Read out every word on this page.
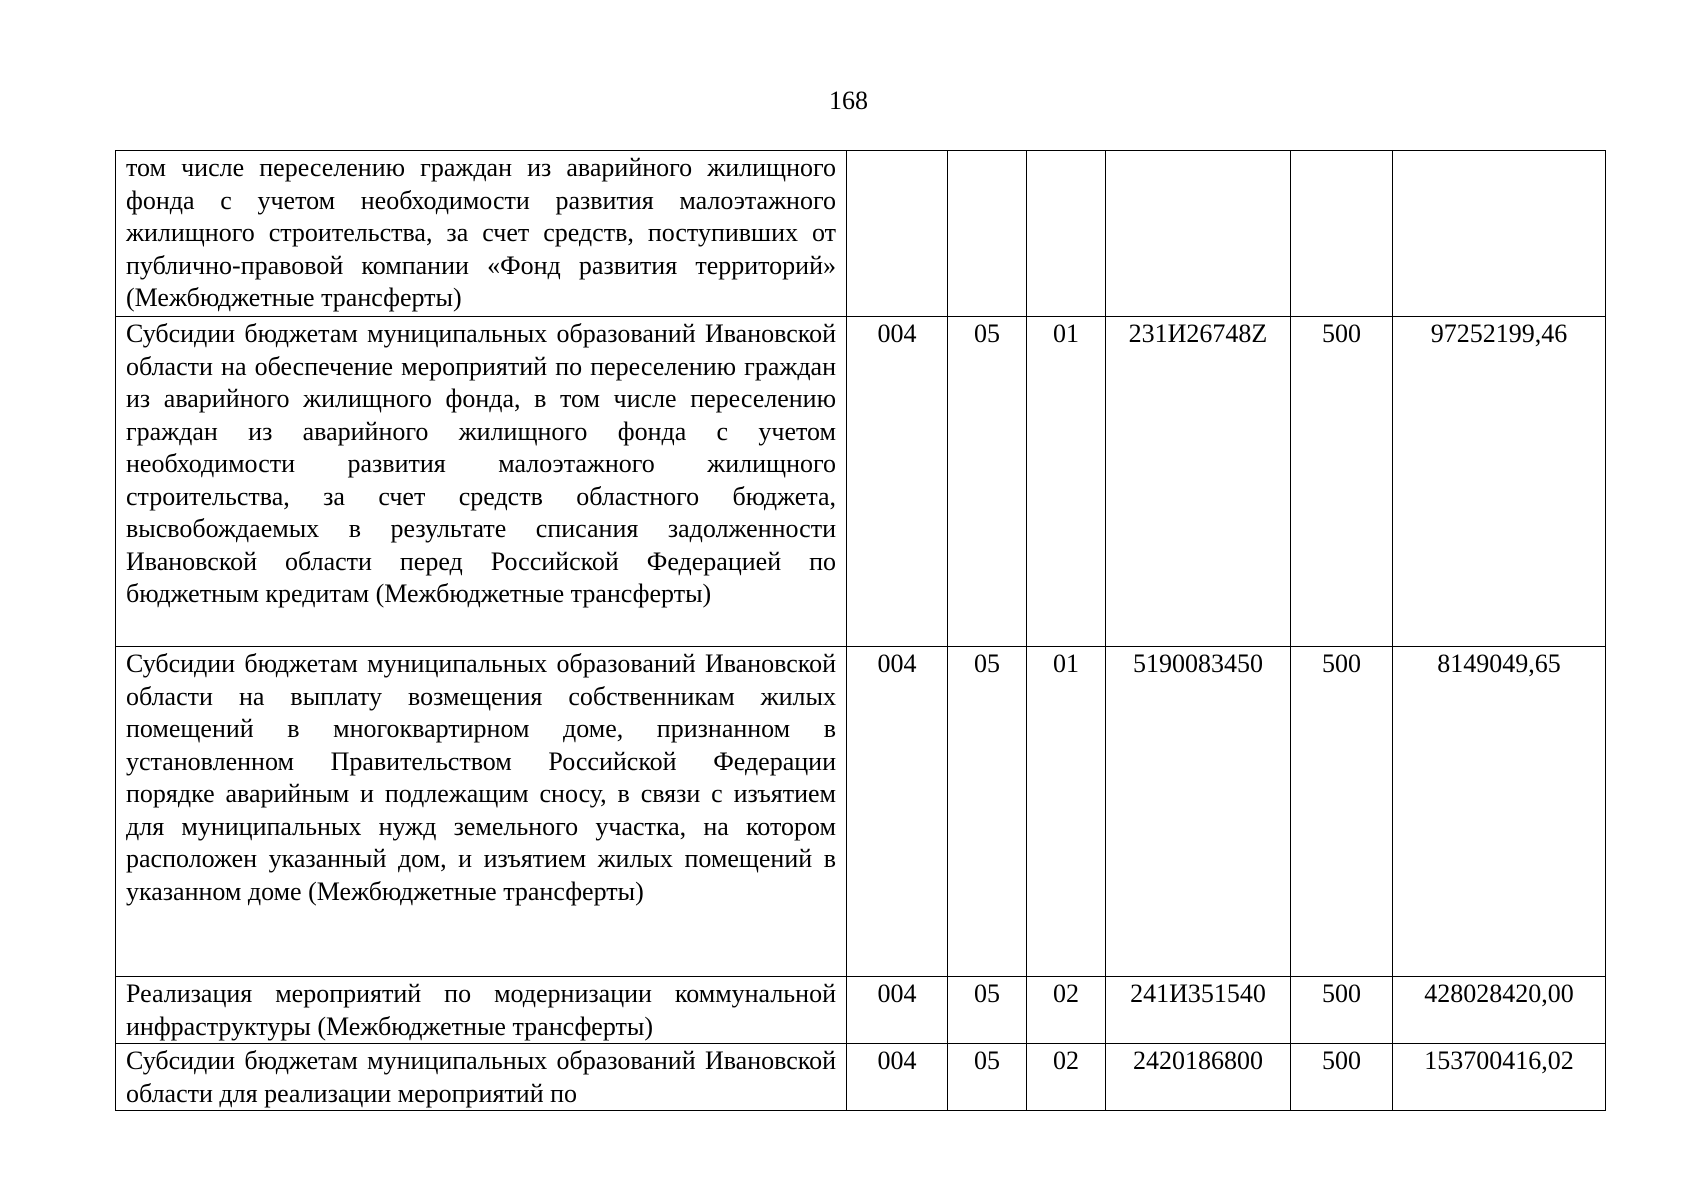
168
том числе переселению граждан из аварийного жилищного фонда с учетом необходимости развития малоэтажного жилищного строительства, за счет средств, поступивших от публично-правовой компании «Фонд развития территорий» (Межбюджетные трансферты)						
Субсидии бюджетам муниципальных образований Ивановской области на обеспечение мероприятий по переселению граждан из аварийного жилищного фонда, в том числе переселению граждан из аварийного жилищного фонда с учетом необходимости развития малоэтажного жилищного строительства, за счет средств областного бюджета, высвобождаемых в результате списания задолженности Ивановской области перед Российской Федерацией по бюджетным кредитам (Межбюджетные трансферты)	004	05	01	231И26748Z	500	97252199,46
Субсидии бюджетам муниципальных образований Ивановской области на выплату возмещения собственникам жилых помещений в многоквартирном доме, признанном в установленном Правительством Российской Федерации порядке аварийным и подлежащим сносу, в связи с изъятием для муниципальных нужд земельного участка, на котором расположен указанный дом, и изъятием жилых помещений в указанном доме (Межбюджетные трансферты)	004	05	01	5190083450	500	8149049,65
Реализация мероприятий по модернизации коммунальной инфраструктуры (Межбюджетные трансферты)	004	05	02	241И351540	500	428028420,00
Субсидии бюджетам муниципальных образований Ивановской области для реализации мероприятий по	004	05	02	2420186800	500	153700416,02
